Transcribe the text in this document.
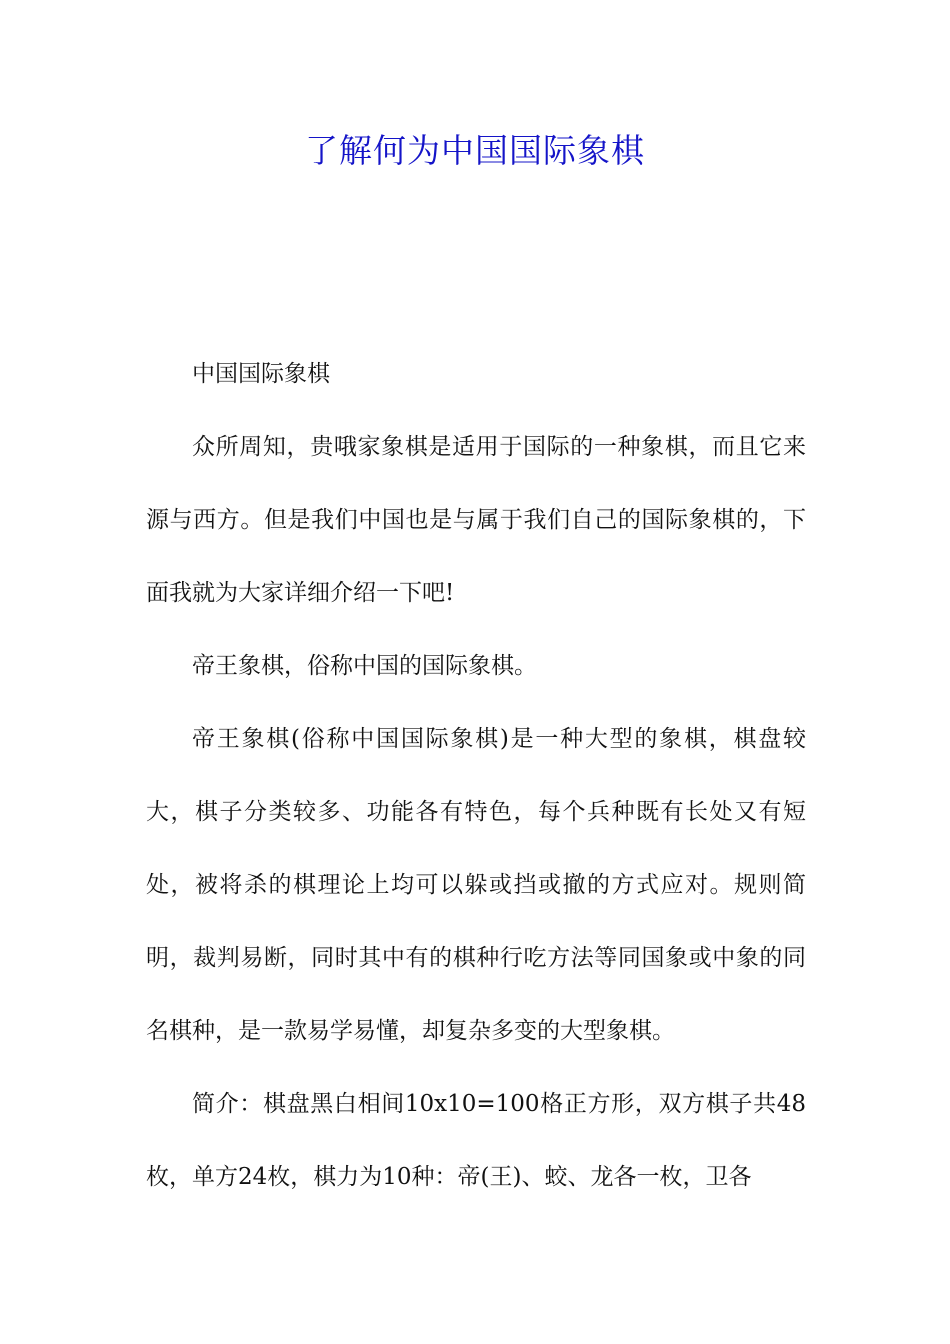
了解何为中国国际象棋

中国国际象棋

众所周知，贵哦家象棋是适用于国际的一种象棋，而且它来源与西方。但是我们中国也是与属于我们自己的国际象棋的，下面我就为大家详细介绍一下吧!

帝王象棋，俗称中国的国际象棋。

帝王象棋(俗称中国国际象棋)是一种大型的象棋，棋盘较大，棋子分类较多、功能各有特色，每个兵种既有长处又有短处，被将杀的棋理论上均可以躲或挡或撤的方式应对。规则简明，裁判易断，同时其中有的棋种行吃方法等同国象或中象的同名棋种，是一款易学易懂，却复杂多变的大型象棋。

简介：棋盘黑白相间10x10=100格正方形，双方棋子共48枚，单方24枚，棋力为10种：帝(王)、蛟、龙各一枚，卫各
